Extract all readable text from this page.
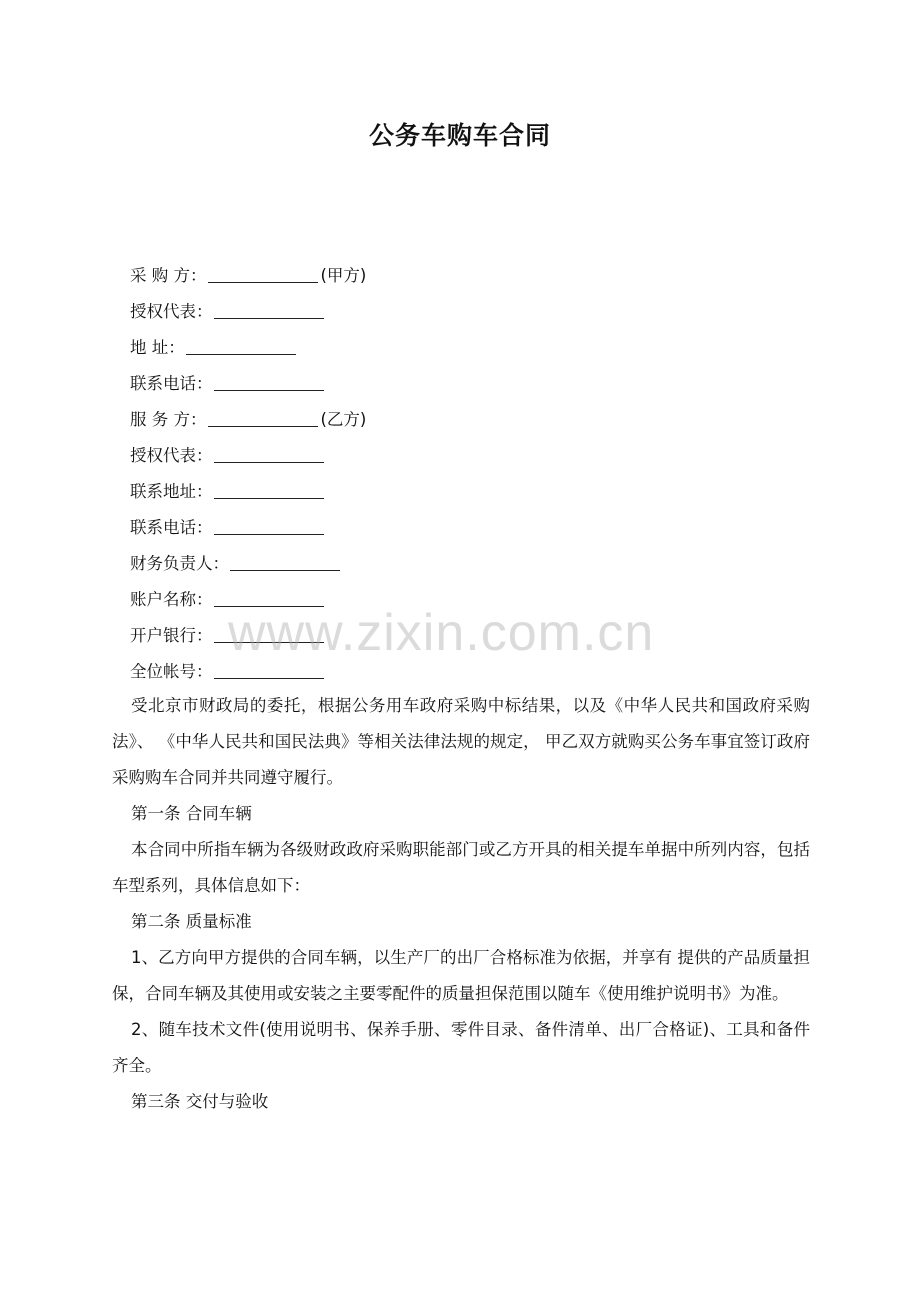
公务车购车合同
采 购 方：	(甲方)
授权代表：
地 址：
联系电话：
服 务 方：	(乙方)
授权代表：
联系地址：
联系电话：
财务负责人：
账户名称：
开户银行：
全位帐号：
www.zixin.com.cn

受北京市财政局的委托，根据公务用车政府采购中标结果，以及《中华人民共和国政府采购法》、 《中华人民共和国民法典》等相关法律法规的规定， 甲乙双方就购买公务车事宜签订政府采购购车合同并共同遵守履行。

第一条 合同车辆

本合同中所指车辆为各级财政政府采购职能部门或乙方开具的相关提车单据中所列内容，包括车型系列，具体信息如下：

第二条 质量标准

1、乙方向甲方提供的合同车辆，以生产厂的出厂合格标准为依据，并享有 提供的产品质量担保，合同车辆及其使用或安装之主要零配件的质量担保范围以随车《使用维护说明书》为准。

2、随车技术文件(使用说明书、保养手册、零件目录、备件清单、出厂合格证)、工具和备件齐全。

第三条 交付与验收
